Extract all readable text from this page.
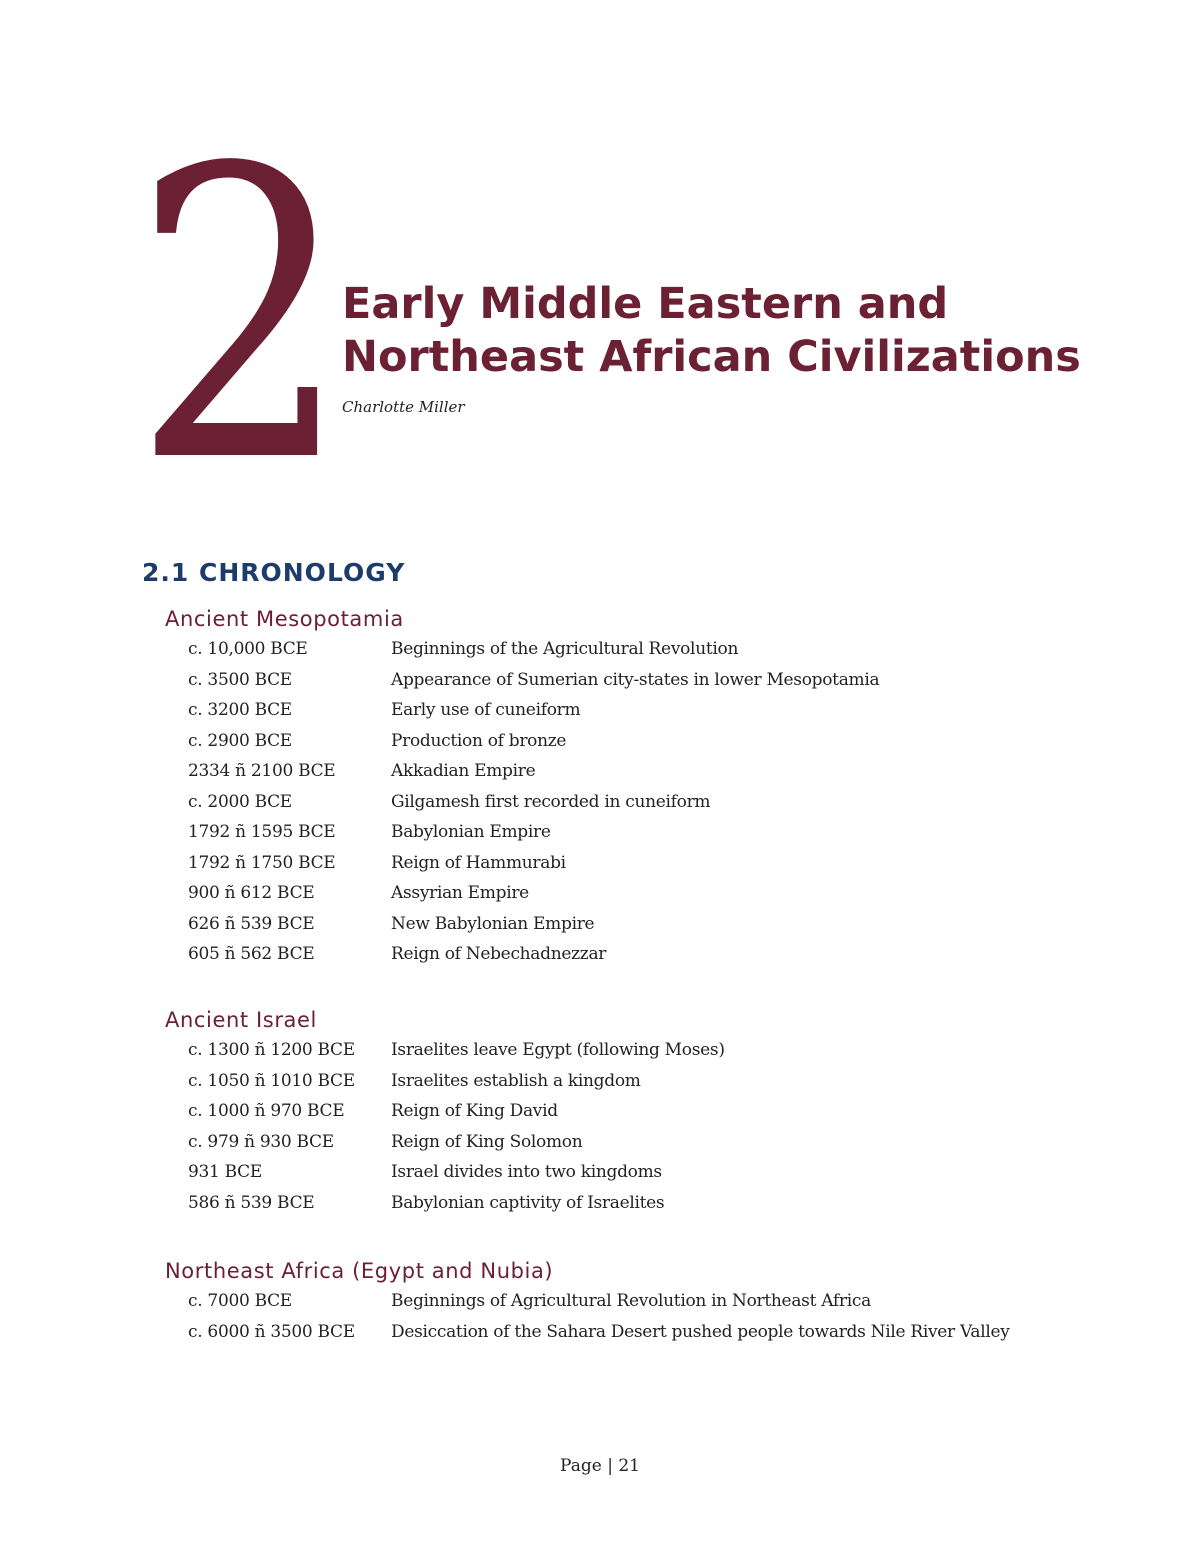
2 Early Middle Eastern and
Northeast African Civilizations
Charlotte Miller
2.1 CHRONOLOGY
Ancient Mesopotamia
c. 10,000 BCE	Beginnings of the Agricultural Revolution
c. 3500 BCE	Appearance of Sumerian city-states in lower Mesopotamia
c. 3200 BCE	Early use of cuneiform
c. 2900 BCE	Production of bronze
2334 ñ 2100 BCE	Akkadian Empire
c. 2000 BCE	Gilgamesh first recorded in cuneiform
1792 ñ 1595 BCE	Babylonian Empire
1792 ñ 1750 BCE	Reign of Hammurabi
900 ñ 612 BCE	Assyrian Empire
626 ñ 539 BCE	New Babylonian Empire
605 ñ 562 BCE	Reign of Nebechadnezzar
Ancient Israel
c. 1300 ñ 1200 BCE	Israelites leave Egypt (following Moses)
c. 1050 ñ 1010 BCE	Israelites establish a kingdom
c. 1000 ñ 970 BCE	Reign of King David
c. 979 ñ 930 BCE	Reign of King Solomon
931 BCE	Israel divides into two kingdoms
586 ñ 539 BCE	Babylonian captivity of Israelites
Northeast Africa (Egypt and Nubia)
c. 7000 BCE	Beginnings of Agricultural Revolution in Northeast Africa
c. 6000 ñ 3500 BCE	Desiccation of the Sahara Desert pushed people towards Nile River Valley
Page | 21
